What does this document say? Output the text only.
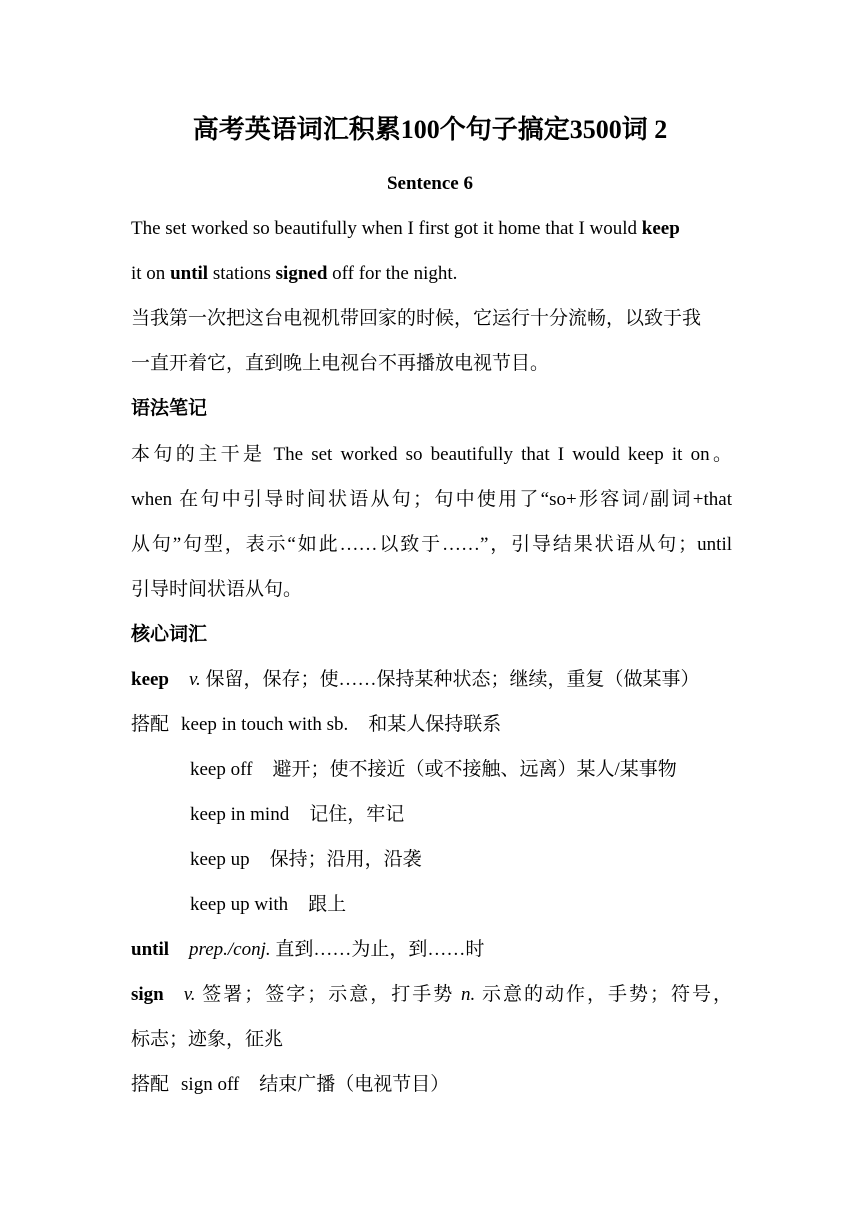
高考英语词汇积累100个句子搞定3500词 2
Sentence 6
The set worked so beautifully when I first got it home that I would keep
it on until stations signed off for the night.
当我第一次把这台电视机带回家的时候，它运行十分流畅，以致于我
一直开着它，直到晚上电视台不再播放电视节目。
语法笔记
本句的主干是 The set worked so beautifully that I would keep it on。
when 在句中引导时间状语从句；句中使用了“so+形容词/副词+that
从句”句型，表示“如此……以致于……”，引导结果状语从句；until
引导时间状语从句。
核心词汇
keep v. 保留，保存；使……保持某种状态；继续，重复（做某事）
搭配 keep in touch with sb. 和某人保持联系
keep off 避开；使不接近（或不接触、远离）某人/某事物
keep in mind 记住，牢记
keep up 保持；沿用，沿袭
keep up with 跟上
until prep./conj. 直到……为止，到……时
sign v. 签署；签字；示意，打手势 n. 示意的动作，手势；符号，
标志；迹象，征兆
搭配 sign off 结束广播（电视节目）
